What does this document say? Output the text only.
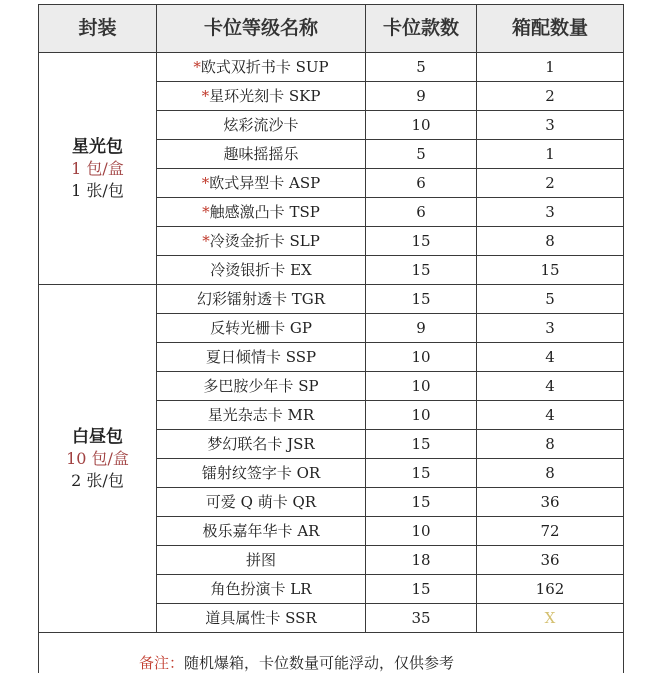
封装	卡位等级名称	卡位款数	箱配数量

星光包
1 包/盒
1 张/包	*欧式双折书卡 SUP	5	1
	*星环光刻卡 SKP	9	2
	炫彩流沙卡	10	3
	趣味摇摇乐	5	1
	*欧式异型卡 ASP	6	2
	*触感激凸卡 TSP	6	3
	*冷烫金折卡 SLP	15	8
	冷烫银折卡 EX	15	15

白昼包
10 包/盒
2 张/包	幻彩镭射透卡 TGR	15	5
	反转光栅卡 GP	9	3
	夏日倾情卡 SSP	10	4
	多巴胺少年卡 SP	10	4
	星光杂志卡 MR	10	4
	梦幻联名卡 JSR	15	8
	镭射纹签字卡 OR	15	8
	可爱 Q 萌卡 QR	15	36
	极乐嘉年华卡 AR	10	72
	拼图	18	36
	角色扮演卡 LR	15	162
	道具属性卡 SSR	35	X
备注：随机爆箱，卡位数量可能浮动，仅供参考			
